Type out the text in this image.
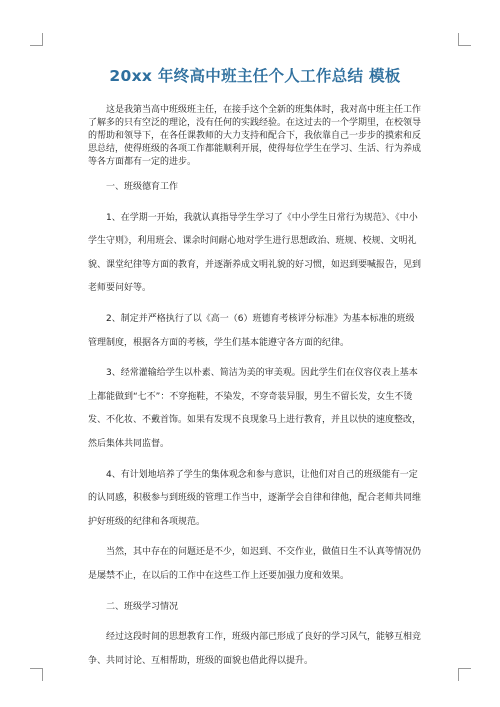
20xx 年终高中班主任个人工作总结 模板

这是我第当高中班级班主任，在接手这个全新的班集体时，我对高中班主任工作了解多的只有空泛的理论，没有任何的实践经验。在这过去的一个学期里，在校领导的帮助和领导下，在各任课教师的大力支持和配合下，我依靠自己一步步的摸索和反思总结，使得班级的各项工作都能顺利开展，使得每位学生在学习、生活、行为养成等各方面都有一定的进步。

一、班级德育工作

1、在学期一开始，我就认真指导学生学习了《中小学生日常行为规范》、《中小学生守则》，利用班会、课余时间耐心地对学生进行思想政治、班规、校规、文明礼貌、课堂纪律等方面的教育，并逐渐养成文明礼貌的好习惯，如迟到要喊报告，见到老师要问好等。

2、制定并严格执行了以《高一（6）班德育考核评分标准》为基本标准的班级管理制度，根据各方面的考核，学生们基本能遵守各方面的纪律。

3、经常灌输给学生以朴素、简洁为美的审美观。因此学生们在仪容仪表上基本上都能做到“七不”：不穿拖鞋，不染发，不穿奇装异服，男生不留长发，女生不烫发、不化妆、不戴首饰。如果有发现不良现象马上进行教育，并且以快的速度整改，然后集体共同监督。

4、有计划地培养了学生的集体观念和参与意识，让他们对自己的班级能有一定的认同感，积极参与到班级的管理工作当中，逐渐学会自律和律他，配合老师共同维护好班级的纪律和各项规范。

当然，其中存在的问题还是不少，如迟到、不交作业，做值日生不认真等情况仍是屡禁不止，在以后的工作中在这些工作上还要加强力度和效果。

二、班级学习情况

经过这段时间的思想教育工作，班级内部已形成了良好的学习风气，能够互相竞争、共同讨论、互相帮助，班级的面貌也借此得以提升。
